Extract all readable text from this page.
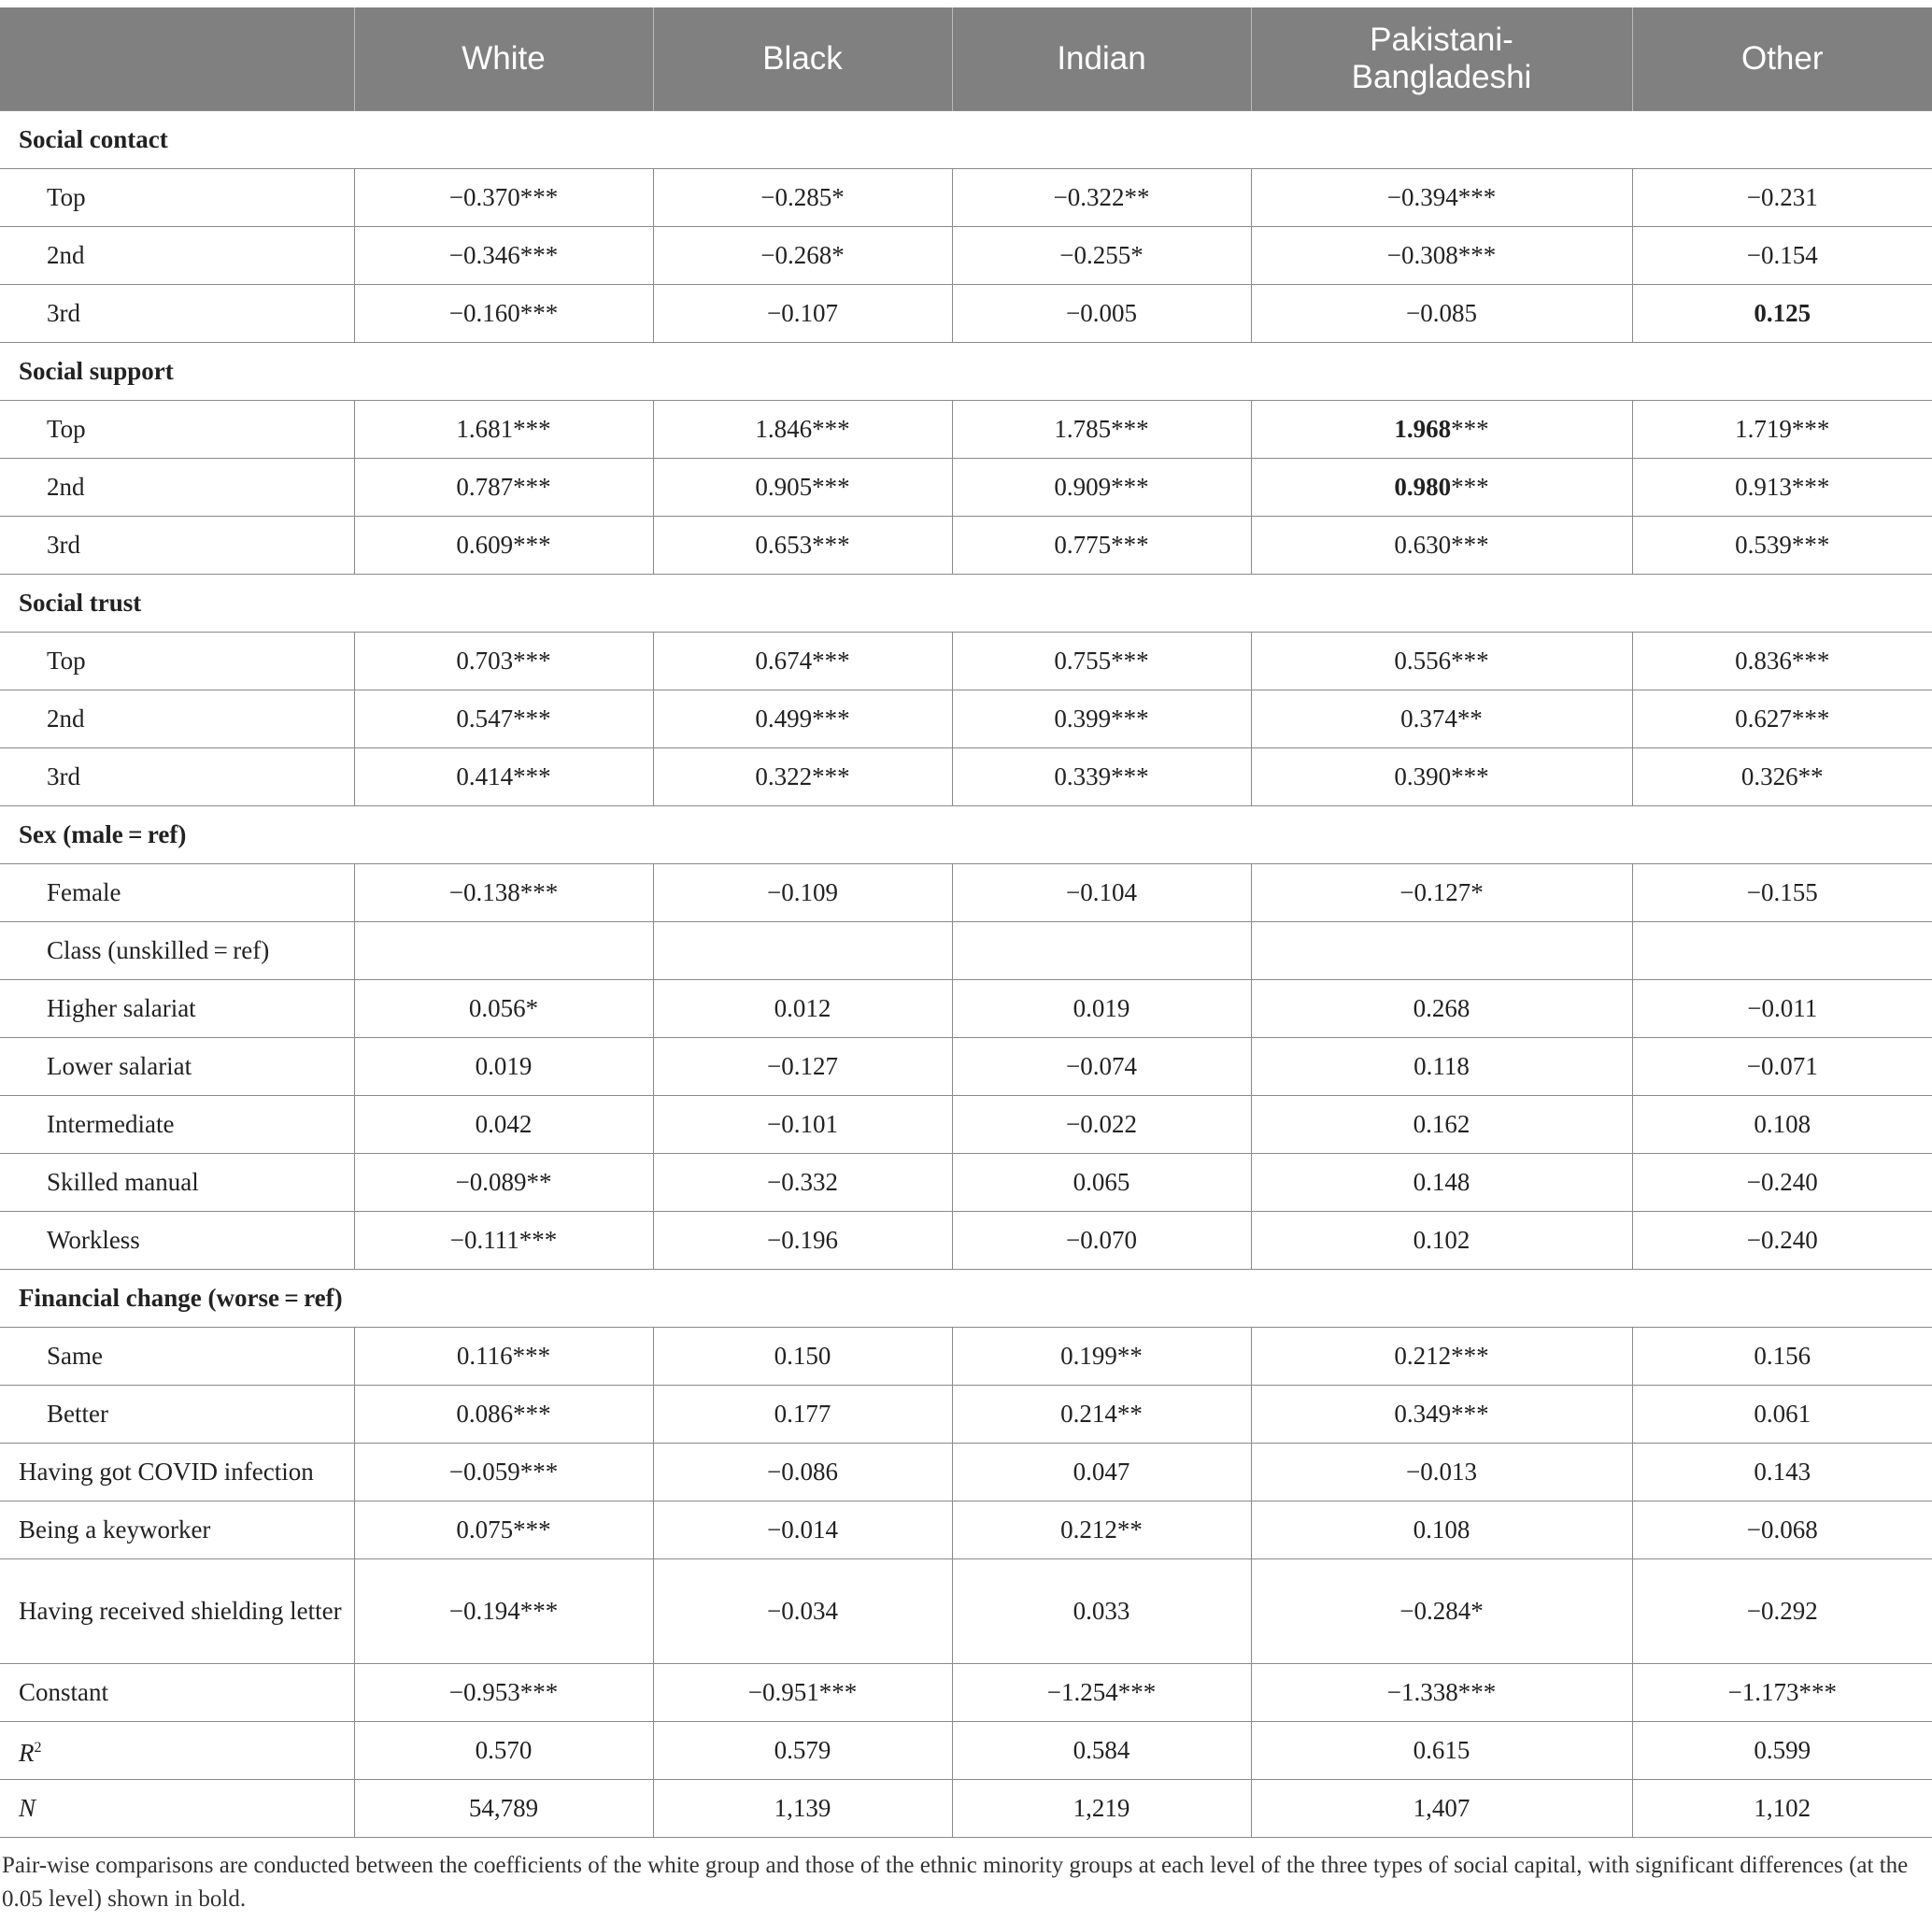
	White	Black	Indian	Pakistani-
Bangladeshi	Other
Social contact					
Top	−0.370***	−0.285*	−0.322**	−0.394***	−0.231
2nd	−0.346***	−0.268*	−0.255*	−0.308***	−0.154
3rd	−0.160***	−0.107	−0.005	−0.085	0.125
Social support					
Top	1.681***	1.846***	1.785***	1.968***	1.719***
2nd	0.787***	0.905***	0.909***	0.980***	0.913***
3rd	0.609***	0.653***	0.775***	0.630***	0.539***
Social trust					
Top	0.703***	0.674***	0.755***	0.556***	0.836***
2nd	0.547***	0.499***	0.399***	0.374**	0.627***
3rd	0.414***	0.322***	0.339***	0.390***	0.326**
Sex (male = ref)					
Female	−0.138***	−0.109	−0.104	−0.127*	−0.155
Class (unskilled = ref)					
Higher salariat	0.056*	0.012	0.019	0.268	−0.011
Lower salariat	0.019	−0.127	−0.074	0.118	−0.071
Intermediate	0.042	−0.101	−0.022	0.162	0.108
Skilled manual	−0.089**	−0.332	0.065	0.148	−0.240
Workless	−0.111***	−0.196	−0.070	0.102	−0.240
Financial change (worse = ref)					
Same	0.116***	0.150	0.199**	0.212***	0.156
Better	0.086***	0.177	0.214**	0.349***	0.061
Having got COVID infection	−0.059***	−0.086	0.047	−0.013	0.143
Being a keyworker	0.075***	−0.014	0.212**	0.108	−0.068
Having received shielding letter	−0.194***	−0.034	0.033	−0.284*	−0.292
Constant	−0.953***	−0.951***	−1.254***	−1.338***	−1.173***
$R^2$	0.570	0.579	0.584	0.615	0.599
N	54,789	1,139	1,219	1,407	1,102
Pair-wise comparisons are conducted between the coefficients of the white group and those of the ethnic minority groups at each level of the three types of social capital, with significant differences (at the 0.05 level) shown in bold.
